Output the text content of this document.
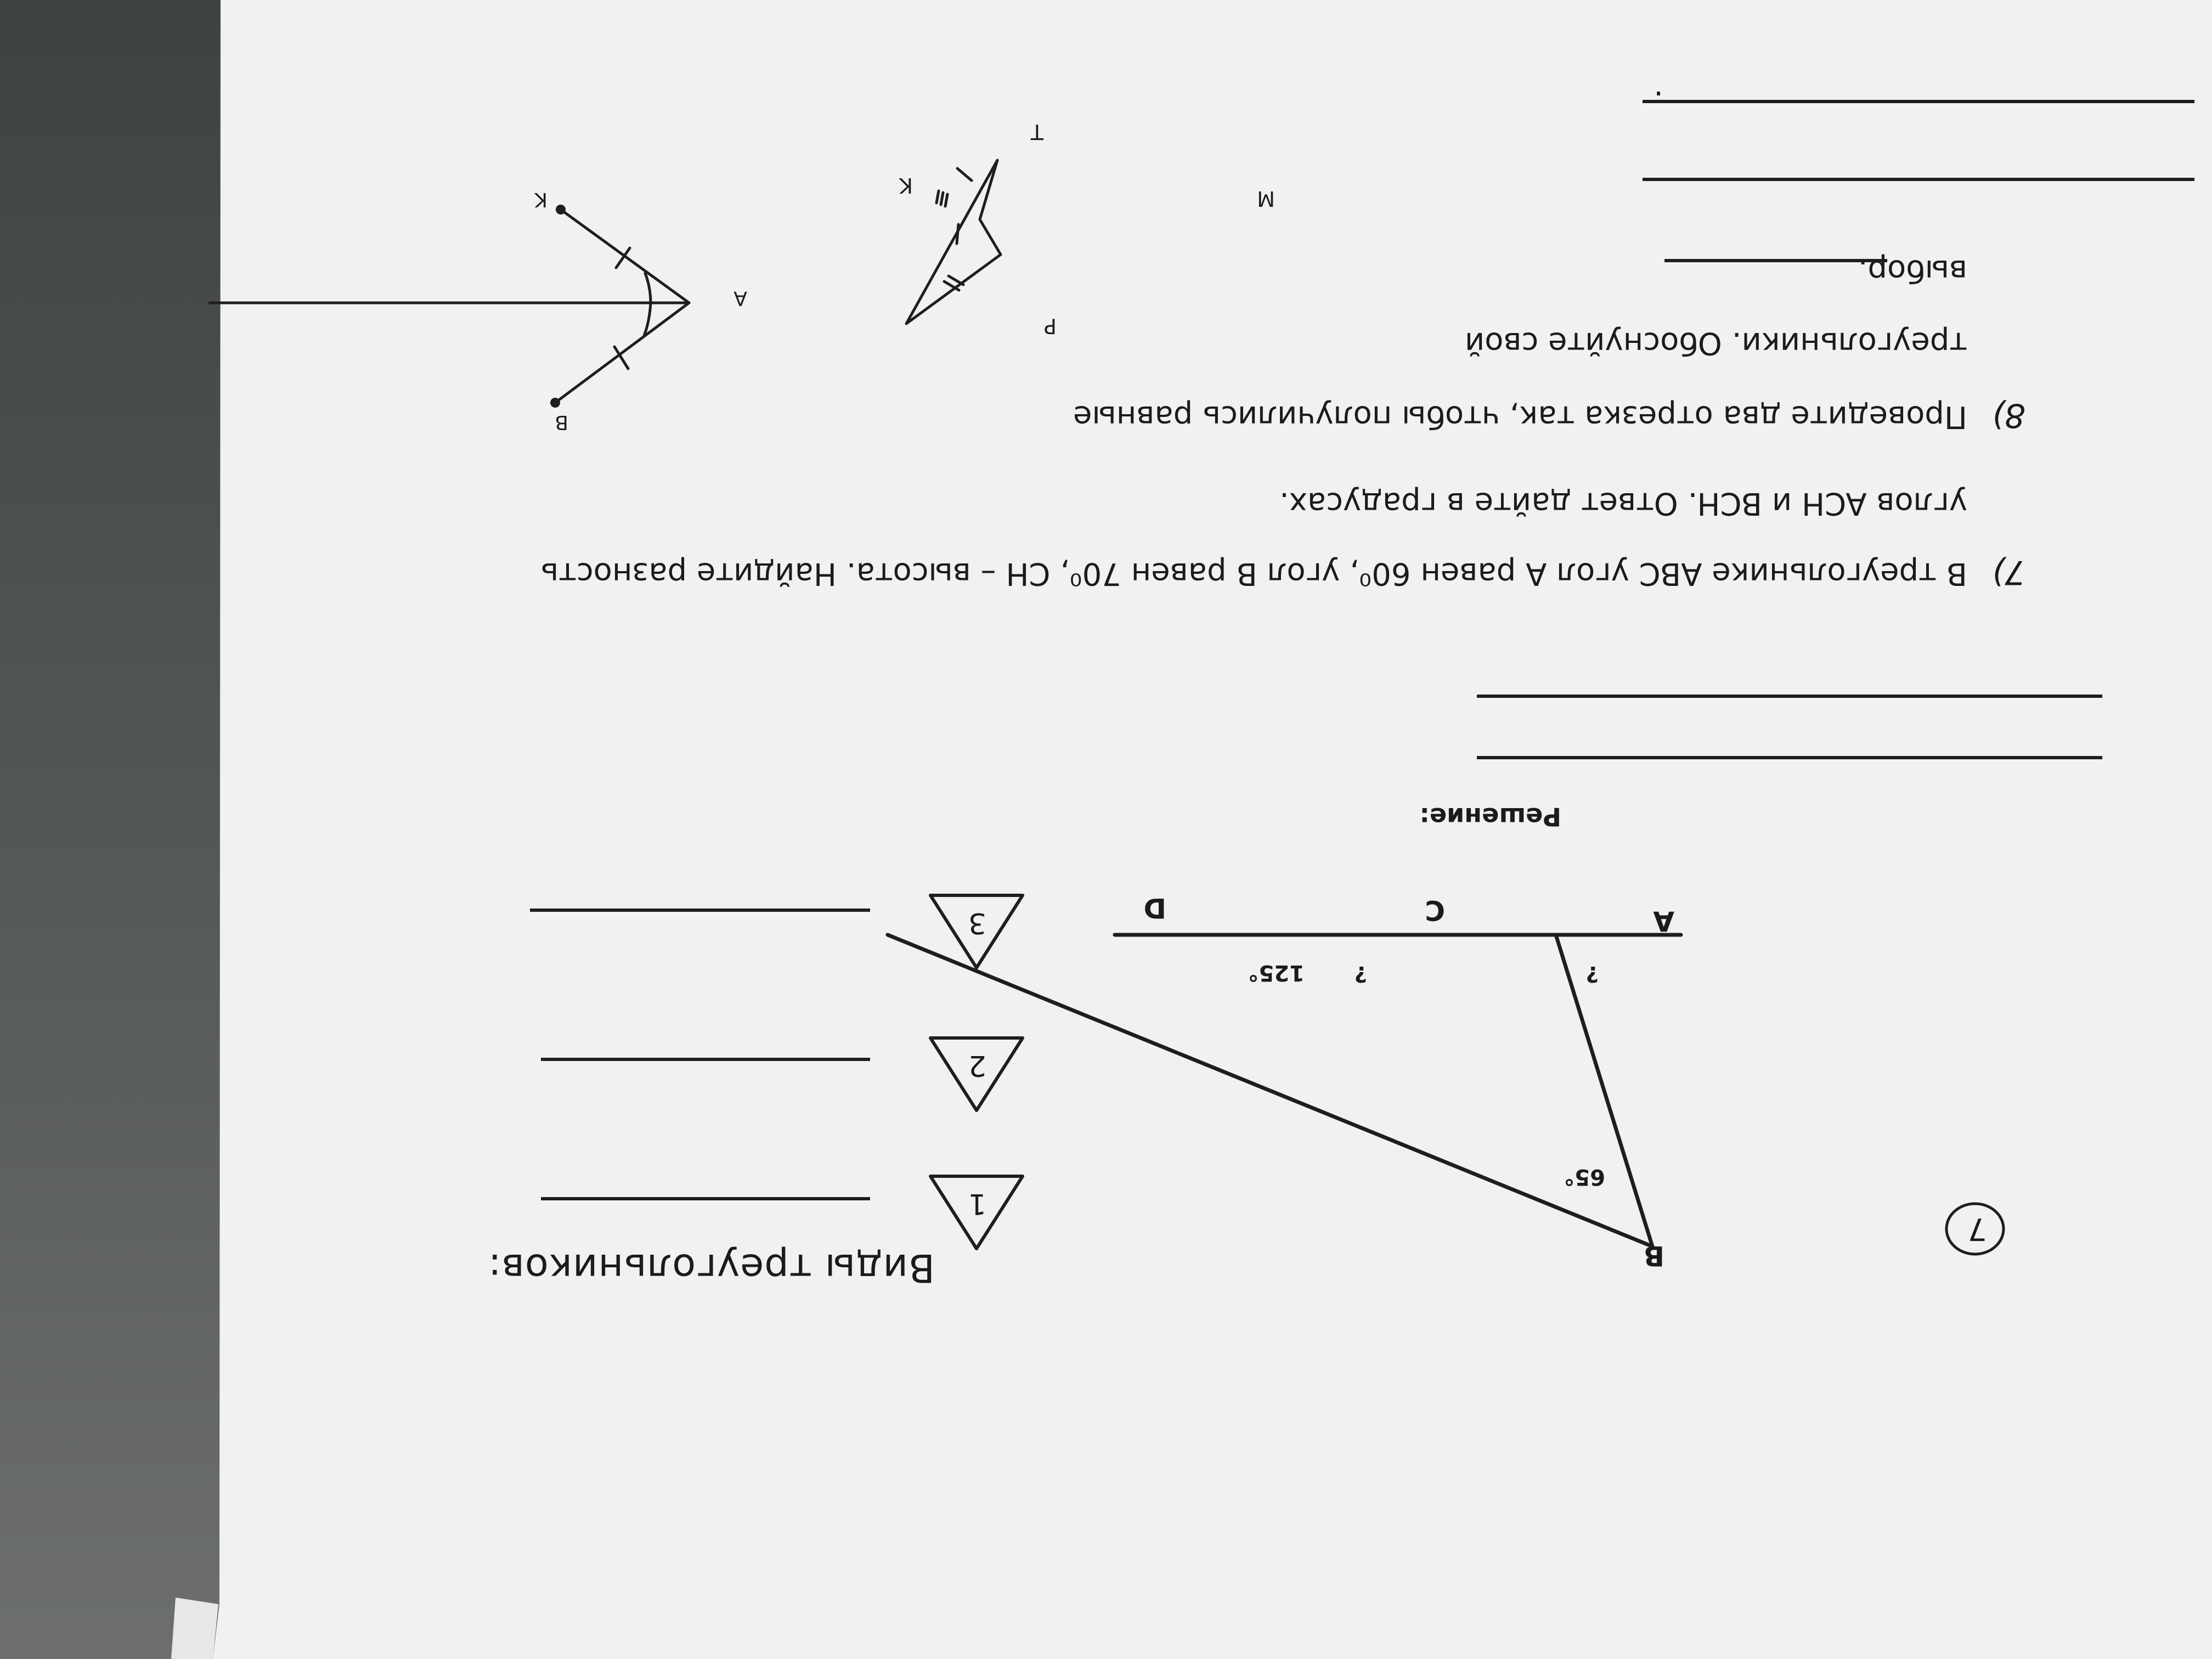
7
Виды треугольников:	B
A
C
D
65°
?
?
125°
1
2
3
Решение:
7)
В треугольнике ABC угол A равен 60⁰, угол B равен 70⁰, CH – высота. Найдите разность
углов ACH и BCH. Ответ дайте в градусах.
8)
Проведите два отрезка так, чтобы получились равные
треугольники. Обоснуйте свой
выбор.
.
B
A
K	M
P
K
T
